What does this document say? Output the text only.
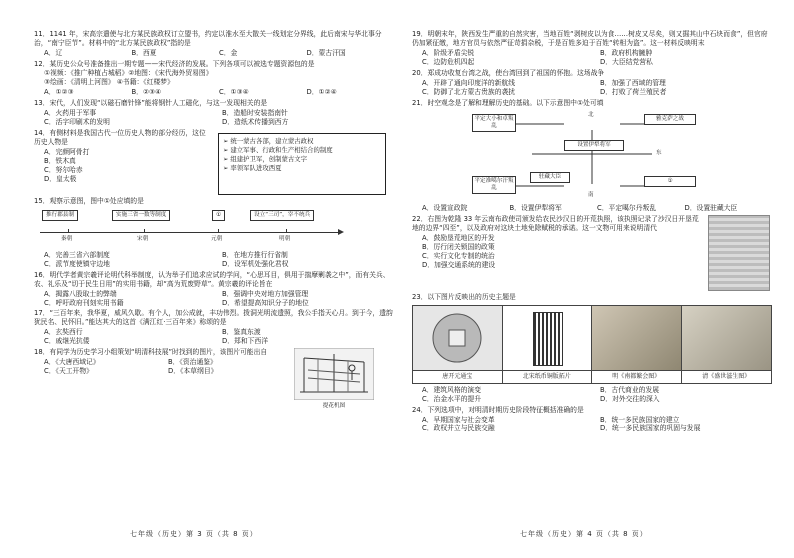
11．1141 年，宋高宗遣使与北方某民族政权订立盟书，约定以淮水至大散关一线划定分界线，此后南宋与华北事分治，“南宁臣节”。材料中的“北方某民族政权”指的是
A．辽	B．西夏	C．金	D．蒙古汗国
12．某历史公众号准备推出一期专题——宋代经济的发展。下列各项可以被选专题资源包的是
①视频：《推广种植占城稻》②地图：《宋代海外贸易图》
③绘画：《清明上河图》 ④书籍：《红楼梦》
A．①②③	B．②③④	C．①③④	D．①②④
13．宋代，人们发现“以磁石磨针锋”能将钢针人工磁化，与这一发现相关的是
A．火药用于军事	B．造船时安装指南针
C．活字印刷术的发明	D．造纸术传播到西方
14．有侧材料是我国古代一位历史人物的部分经历，这位历史人物是
A．完颜阿骨打
B．铁木真
C．努尔哈赤
D．皇太极
➢ 统一蒙古各部，建立蒙古政权
➢ 建立军事、行政和生产相结合的制度
➢ 组建护卫军，创制蒙古文字
➢ 率领军队进攻西夏
15．观察示意图，图中①处应填的是
推行郡县制	实施三省一数等制度	①	设立“三司”，宰不统兵
秦朝	宋朝	元朝	明朝
A．完善三省六部制度	B．在地方推行行省制
C．派节度使镇守边地	D．设军机处强化君权
16．明代学者黄宗羲评论明代科举制度，认为举子们追求应试的学问，“心思耳目，俱用于揣摩剿袭之中”，而有关兵、农、礼乐及“切于民生日用”的实用书籍，却“高为荒废野草”。黄宗羲的评论旨在
A．揭露八股取士的弊端	B．强调中央对地方加强管理
C．呼吁政府刊刻实用书籍	D．希望提高知识分子的地位
17．“三百年来，我华夏，威风久歇。有个人，加公成就，丰功伟烈。拨洞光明流遗照，我公手指天心月。到于今，遗韵犹民名、民怀旧。”能达其大的这首《满江红·三百年来》称颂的是
A．玄奘西行	B．鉴真东渡
C．戚继光抗倭	D．郑和下西洋
18．有同学为历史学习小组策划“明清科技展”时找到的图片，该图片可能出自
A．《大唐西域记》	B．《资治通鉴》
C．《天工开物》	D．《本草纲目》
提花机图
七年级（历史）第 3 页（共 8 页）
19．明朝末年，陕西发生严重的自然灾害，当地百姓“剥树皮以为食……树皮又尽矣，则又掘其山中石块而食”，但官府仍加紧征缴，地方官员与依然严征苛捐杂税，于是百姓多迫于百姓“转相为盗”。这一材料反映明末
A．阶级矛盾尖锐	B．政府机构臃肿
C．边防危机四起	D．大臣结党营私
20．郑成功收复台湾之战，使台湾回到了祖国的怀抱。这场战争
A．开辟了通向印度洋的新航线	B．加强了西域的管理
C．防御了北方蒙古贵族的袭扰	D．打败了荷兰殖民者
21．时空观念是了解和理解历史的基础。以下示意图中①处可填
平定大小和卓叛乱
北
设置伊犁将军
南
驻藏大臣
雅克萨之战
东
平定准噶尔汗叛乱
①
A．设置宣政院	B．设置伊犁将军	C．平定噶尔丹叛乱	D．设置驻藏大臣
22．右图为乾隆 33 年云南布政使司颁发给农民沙汉日的开荒执照，该执照记录了沙汉日开垦荒地的边界“四至”，以及政府对这块土地免除赋税的承诺。这一文物可用来说明清代
A．鼓励垦荒地区的开发
B．厉行闭关锁国的政策
C．实行文化专制的统治
D．加强交通系统的建设
23．以下图片反映出的历史主题是
唐开元通宝	北宋纸币铜版拓片	明《南都繁会图》	清《盛世滋生图》
A．建筑风格的演变	B．古代商业的发展
C．治金水平的提升	D．对外交往的深入
24．下列选项中，对明清时期历史阶段特征概括准确的是
A．早期国家与社会变革	B．统一多民族国家的建立
C．政权并立与民族交融	D．统一多民族国家的巩固与发展
七年级（历史）第 4 页（共 8 页）
